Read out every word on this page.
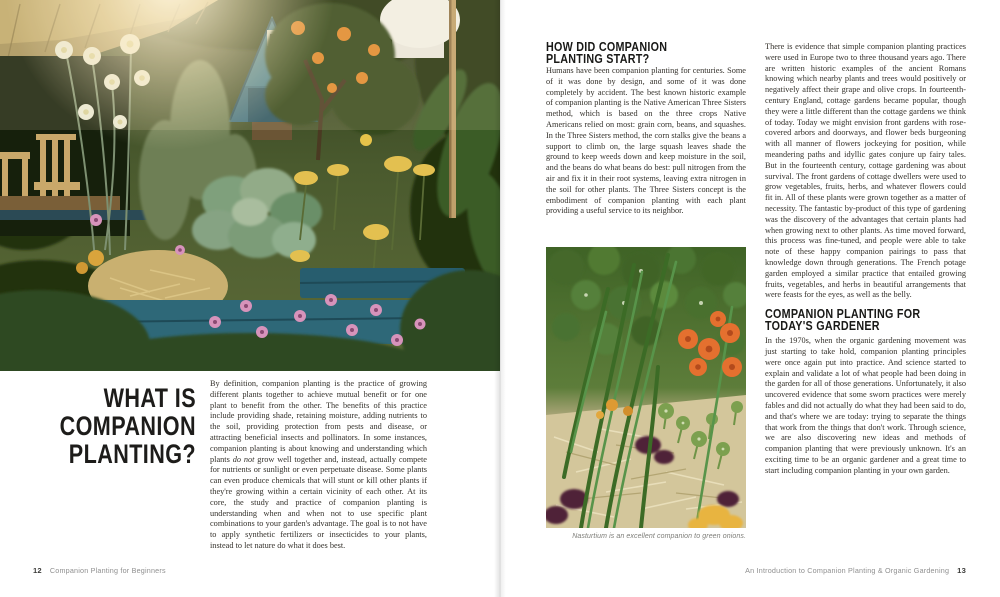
WHAT IS
COMPANION
PLANTING?
By definition, companion planting is the practice of growing different plants together to achieve mutual benefit or for one plant to benefit from the other. The benefits of this practice include providing shade, retaining moisture, adding nutrients to the soil, providing protection from pests and disease, or attracting beneficial insects and pollinators. In some instances, companion planting is about knowing and understanding which plants do not grow well together and, instead, actually compete for nutrients or sunlight or even perpetuate disease. Some plants can even produce chemicals that will stunt or kill other plants if they're growing within a certain vicinity of each other. At its core, the study and practice of companion planting is understanding when and when not to use specific plant combinations to your garden's advantage. The goal is to not have to apply synthetic fertilizers or insecticides to your plants, instead to let nature do what it does best.
12 Companion Planting for Beginners
HOW DID COMPANION
PLANTING START?
Humans have been companion planting for centuries. Some of it was done by design, and some of it was done completely by accident. The best known historic example of companion planting is the Native American Three Sisters method, which is based on the three crops Native Americans relied on most: grain corn, beans, and squashes. In the Three Sisters method, the corn stalks give the beans a support to climb on, the large squash leaves shade the ground to keep weeds down and keep moisture in the soil, and the beans do what beans do best: pull nitrogen from the air and fix it in their root systems, leaving extra nitrogen in the soil for other plants. The Three Sisters concept is the embodiment of companion planting with each plant providing a useful service to its neighbor.
Nasturtium is an excellent companion to green onions.
There is evidence that simple companion planting practices were used in Europe two to three thousand years ago. There are written historic examples of the ancient Romans knowing which nearby plants and trees would positively or negatively affect their grape and olive crops. In fourteenth-century England, cottage gardens became popular, though they were a little different than the cottage gardens we think of today. Today we might envision front gardens with rose-covered arbors and doorways, and flower beds burgeoning with all manner of flowers jockeying for position, while meandering paths and idyllic gates conjure up fairy tales. But in the fourteenth century, cottage gardening was about survival. The front gardens of cottage dwellers were used to grow vegetables, fruits, herbs, and whatever flowers could fit in. All of these plants were grown together as a matter of necessity. The fantastic by-product of this type of gardening was the discovery of the advantages that certain plants had when growing next to other plants. As time moved forward, this process was fine-tuned, and people were able to take note of these happy companion pairings to pass that knowledge down through generations. The French potage garden employed a similar practice that entailed growing fruits, vegetables, and herbs in beautiful arrangements that were feasts for the eyes, as well as the belly.
COMPANION PLANTING FOR
TODAY'S GARDENER
In the 1970s, when the organic gardening movement was just starting to take hold, companion planting principles were once again put into practice. And science started to explain and validate a lot of what people had been doing in the garden for all of those generations. Unfortunately, it also uncovered evidence that some sworn practices were merely fables and did not actually do what they had been said to do, and that's where we are today: trying to separate the things that work from the things that don't work. Through science, we are also discovering new ideas and methods of companion planting that were previously unknown. It's an exciting time to be an organic gardener and a great time to start including companion planting in your own garden.
An Introduction to Companion Planting & Organic Gardening 13
